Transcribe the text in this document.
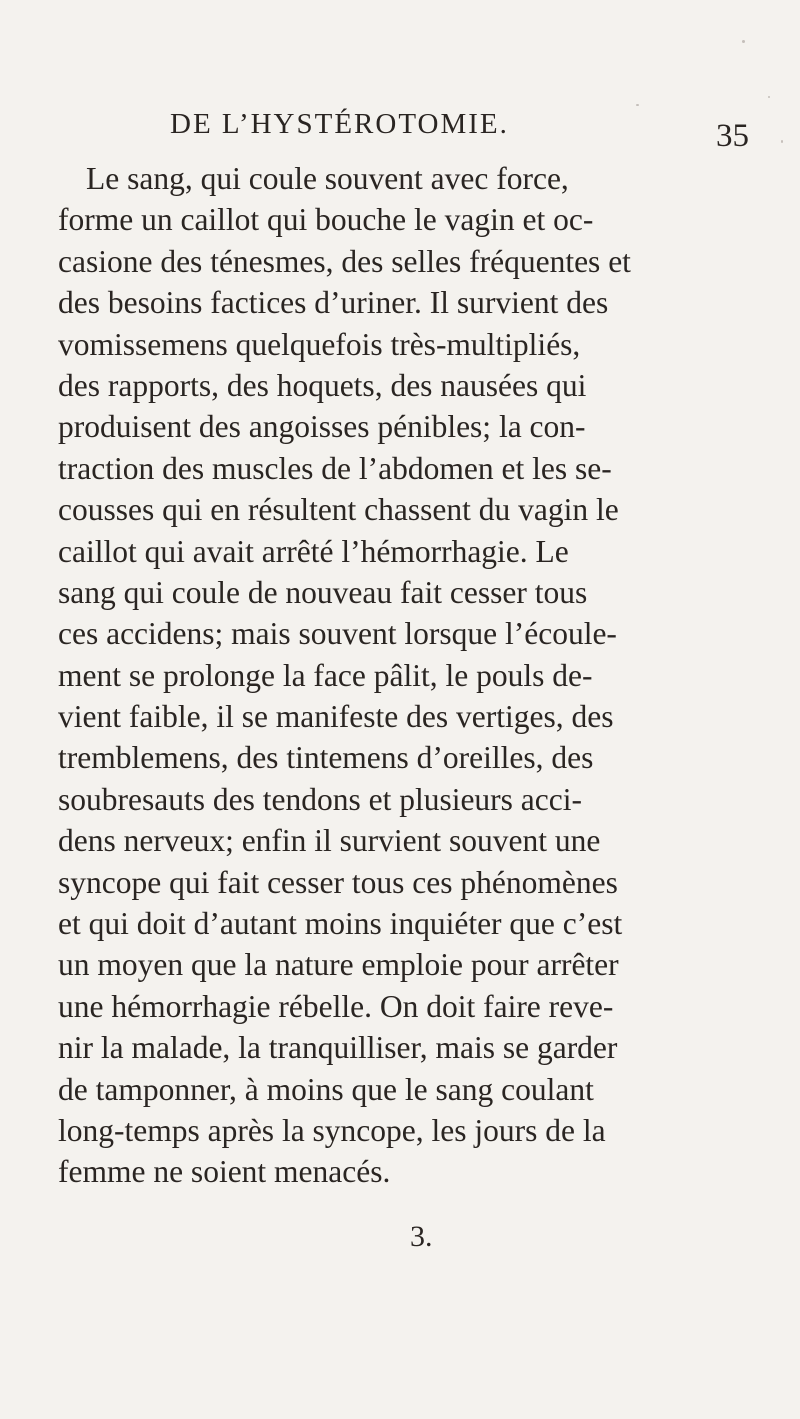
DE L’HYSTÉROTOMIE.	35
Le sang, qui coule souvent avec force,
forme un caillot qui bouche le vagin et oc-
casione des ténesmes, des selles fréquentes et
des besoins factices d’uriner. Il survient des
vomissemens quelquefois très-multipliés,
des rapports, des hoquets, des nausées qui
produisent des angoisses pénibles; la con-
traction des muscles de l’abdomen et les se-
cousses qui en résultent chassent du vagin le
caillot qui avait arrêté l’hémorrhagie. Le
sang qui coule de nouveau fait cesser tous
ces accidens; mais souvent lorsque l’écoule-
ment se prolonge la face pâlit, le pouls de-
vient faible, il se manifeste des vertiges, des
tremblemens, des tintemens d’oreilles, des
soubresauts des tendons et plusieurs acci-
dens nerveux; enfin il survient souvent une
syncope qui fait cesser tous ces phénomènes
et qui doit d’autant moins inquiéter que c’est
un moyen que la nature emploie pour arrêter
une hémorrhagie rébelle. On doit faire reve-
nir la malade, la tranquilliser, mais se garder
de tamponner, à moins que le sang coulant
long-temps après la syncope, les jours de la
femme ne soient menacés.
3.
